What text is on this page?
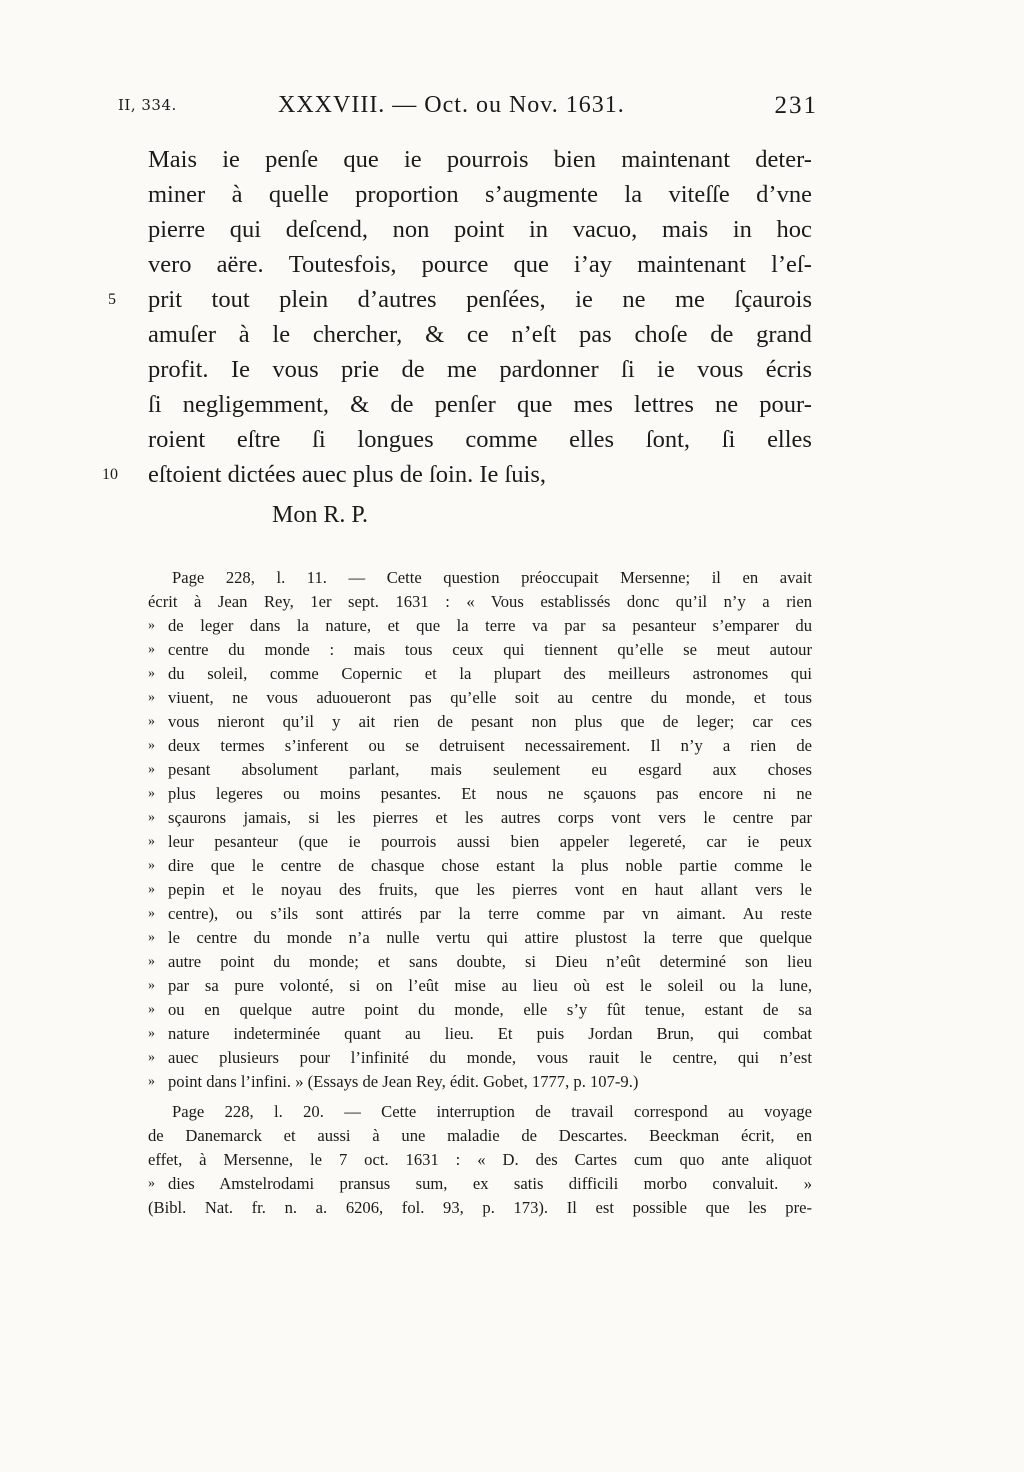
II, 334.	XXXVIII. — Oct. ou Nov. 1631.	231
Mais ie penſe que ie pourrois bien maintenant deter-
miner à quelle proportion s’augmente la viteſſe d’vne
pierre qui deſcend, non point in vacuo, mais in hoc
vero aëre. Toutesfois, pource que i’ay maintenant l’eſ-
5 prit tout plein d’autres penſées, ie ne me ſçaurois
amuſer à le chercher, & ce n’eſt pas choſe de grand
profit. Ie vous prie de me pardonner ſi ie vous écris
ſi negligemment, & de penſer que mes lettres ne pour-
roient eſtre ſi longues comme elles ſont, ſi elles
10 eſtoient dictées auec plus de ſoin. Ie ſuis,
Mon R. P.
Page 228, l. 11. — Cette question préoccupait Mersenne; il en avait
écrit à Jean Rey, 1er sept. 1631 : « Vous establissés donc qu’il n’y a rien
» de leger dans la nature, et que la terre va par sa pesanteur s’emparer du
» centre du monde : mais tous ceux qui tiennent qu’elle se meut autour
» du soleil, comme Copernic et la plupart des meilleurs astronomes qui
» viuent, ne vous aduoueront pas qu’elle soit au centre du monde, et tous
» vous nieront qu’il y ait rien de pesant non plus que de leger; car ces
» deux termes s’inferent ou se detruisent necessairement. Il n’y a rien de
» pesant absolument parlant, mais seulement eu esgard aux choses
» plus legeres ou moins pesantes. Et nous ne sçauons pas encore ni ne
» sçaurons jamais, si les pierres et les autres corps vont vers le centre par
» leur pesanteur (que ie pourrois aussi bien appeler legereté, car ie peux
» dire que le centre de chasque chose estant la plus noble partie comme le
» pepin et le noyau des fruits, que les pierres vont en haut allant vers le
» centre), ou s’ils sont attirés par la terre comme par vn aimant. Au reste
» le centre du monde n’a nulle vertu qui attire plustost la terre que quelque
» autre point du monde; et sans doubte, si Dieu n’eût determiné son lieu
» par sa pure volonté, si on l’eût mise au lieu où est le soleil ou la lune,
» ou en quelque autre point du monde, elle s’y fût tenue, estant de sa
» nature indeterminée quant au lieu. Et puis Jordan Brun, qui combat
» auec plusieurs pour l’infinité du monde, vous rauit le centre, qui n’est
» point dans l’infini. » (Essays de Jean Rey, édit. Gobet, 1777, p. 107-9.)
Page 228, l. 20. — Cette interruption de travail correspond au voyage
de Danemarck et aussi à une maladie de Descartes. Beeckman écrit, en
effet, à Mersenne, le 7 oct. 1631 : « D. des Cartes cum quo ante aliquot
» dies Amstelrodami pransus sum, ex satis difficili morbo convaluit. »
(Bibl. Nat. fr. n. a. 6206, fol. 93, p. 173). Il est possible que les pre-
